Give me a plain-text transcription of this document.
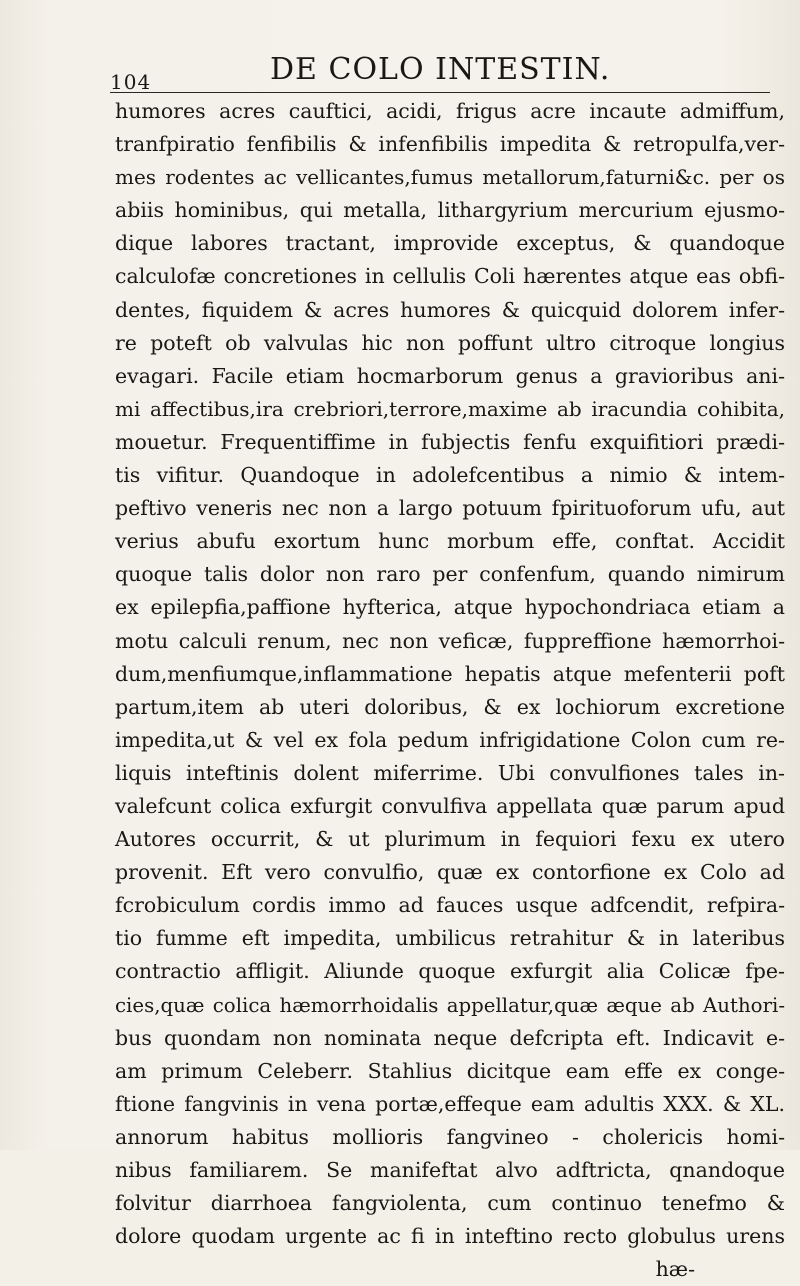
104	DE COLO INTESTIN.
humores acres cauftici, acidi, frigus acre incaute admiffum,
tranfpiratio fenfibilis & infenfibilis impedita & retropulfa,ver-
mes rodentes ac vellicantes,fumus metallorum,faturni&c. per os
abiis hominibus, qui metalla, lithargyrium mercurium ejusmo-
dique labores tractant, improvide exceptus, & quandoque
calculofæ concretiones in cellulis Coli hærentes atque eas obfi-
dentes, fiquidem & acres humores & quicquid dolorem infer-
re poteft ob valvulas hic non poffunt ultro citroque longius
evagari. Facile etiam hocmarborum genus a gravioribus ani-
mi affectibus,ira crebriori,terrore,maxime ab iracundia cohibita,
mouetur. Frequentiffime in fubjectis fenfu exquifitiori prædi-
tis vifitur. Quandoque in adolefcentibus a nimio & intem-
peftivo veneris nec non a largo potuum fpirituoforum ufu, aut
verius abufu exortum hunc morbum effe, conftat. Accidit
quoque talis dolor non raro per confenfum, quando nimirum
ex epilepfia,paffione hyfterica, atque hypochondriaca etiam a
motu calculi renum, nec non veficæ, fuppreffione hæmorrhoi-
dum,menfiumque,inflammatione hepatis atque mefenterii poft
partum,item ab uteri doloribus, & ex lochiorum excretione
impedita,ut & vel ex fola pedum infrigidatione Colon cum re-
liquis inteftinis dolent miferrime. Ubi convulfiones tales in-
valefcunt colica exfurgit convulfiva appellata quæ parum apud
Autores occurrit, & ut plurimum in fequiori fexu ex utero
provenit. Eft vero convulfio, quæ ex contorfione ex Colo ad
fcrobiculum cordis immo ad fauces usque adfcendit, refpira-
tio fumme eft impedita, umbilicus retrahitur & in lateribus
contractio affligit. Aliunde quoque exfurgit alia Colicæ fpe-
cies,quæ colica hæmorrhoidalis appellatur,quæ æque ab Authori-
bus quondam non nominata neque defcripta eft. Indicavit e-
am primum Celeberr. Stahlius dicitque eam effe ex conge-
ftione fangvinis in vena portæ,effeque eam adultis XXX. & XL.
annorum habitus mollioris fangvineo - cholericis homi-
nibus familiarem. Se manifeftat alvo adftricta, qnandoque
folvitur diarrhoea fangviolenta, cum continuo tenefmo &
dolore quodam urgente ac fi in inteftino recto globulus urens
hæ-
